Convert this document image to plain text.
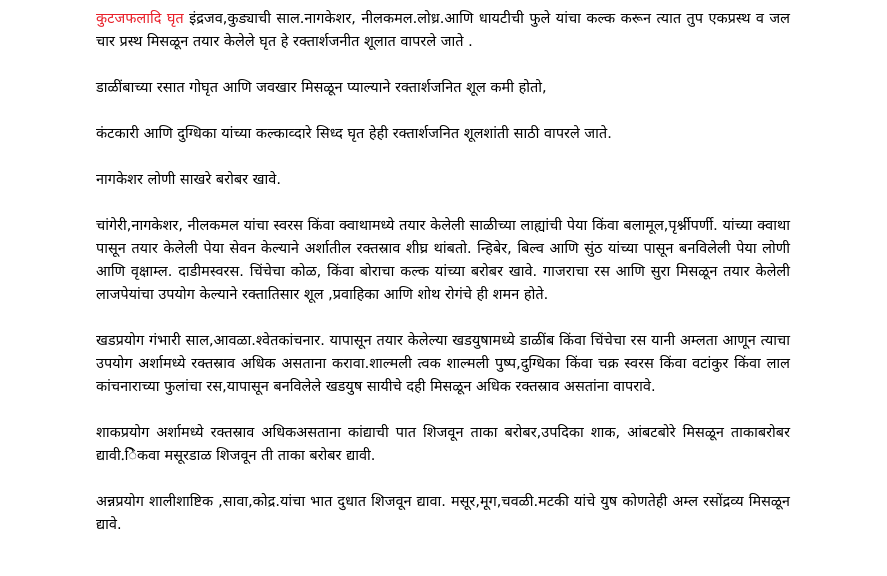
कुटजफलादि घृत इंद्रजव,कुड्याची साल.नागकेशर, नीलकमल.लोध्र.आणि धायटीची फुले यांचा कल्क करून त्यात तुप एकप्रस्थ व जल चार प्रस्थ मिसळून तयार केलेले घृत हे रक्तार्शजनीत शूलात वापरले जाते .

डाळींबाच्या रसात गोघृत आणि जवखार मिसळून प्याल्याने रक्तार्शजनित शूल कमी होतो,

कंटकारी आणि दुग्धिका यांच्या कल्काव्दारे सिध्द घृत हेही रक्तार्शजनित शूलशांती साठी वापरले जाते.

नागकेशर लोणी साखरे बरोबर खावे.

चांगेरी,नागकेशर, नीलकमल यांचा स्वरस किंवा क्वाथामध्ये तयार केलेली साळीच्या लाह्यांची पेया किंवा बलामूल,पृर्श्नीपर्णी. यांच्या क्वाथा पासून तयार केलेली पेया सेवन केल्याने अर्शातील रक्तस्राव शीघ्र थांबतो. न्हिबेर, बिल्व आणि सुंठ यांच्या पासून बनविलेली पेया लोणी आणि वृक्षाम्ल. दाडीमस्वरस. चिंचेचा कोळ, किंवा बोराचा कल्क यांच्या बरोबर खावे. गाजराचा रस आणि सुरा मिसळून तयार केलेली लाजपेयांचा उपयोग केल्याने रक्तातिसार शूल ,प्रवाहिका आणि शोथ रोगंचे ही शमन होते.

खडप्रयोग गंभारी साल,आवळा.श्वेतकांचनार. यापासून तयार केलेल्या खडयुषामध्ये डाळींब किंवा चिंचेचा रस यानी अम्लता आणून त्याचा उपयोग अर्शामध्ये रक्तस्राव अधिक असताना करावा.शाल्मली त्वक शाल्मली पुष्प,दुग्धिका किंवा चक्र स्वरस किंवा वटांकुर किंवा लाल कांचनाराच्या फुलांचा रस,यापासून बनविलेले खडयुष सायीचे दही मिसळून अधिक रक्तस्राव असतांना वापरावे.

शाकप्रयोग अर्शामध्ये रक्तस्राव अधिकअसताना कांद्याची पात शिजवून ताका बरोबर,उपदिका शाक, आंबटबोरे मिसळून ताकाबरोबर द्यावी.ेिकवा मसूरडाळ शिजवून ती ताका बरोबर द्यावी.

अन्नप्रयोग शालीशाष्टिक ,सावा,कोद्र.यांचा भात दुधात शिजवून द्यावा. मसूर,मूग,चवळी.मटकी यांचे युष कोणतेही अम्ल रसाेंद्रव्य मिसळून द्यावे.
